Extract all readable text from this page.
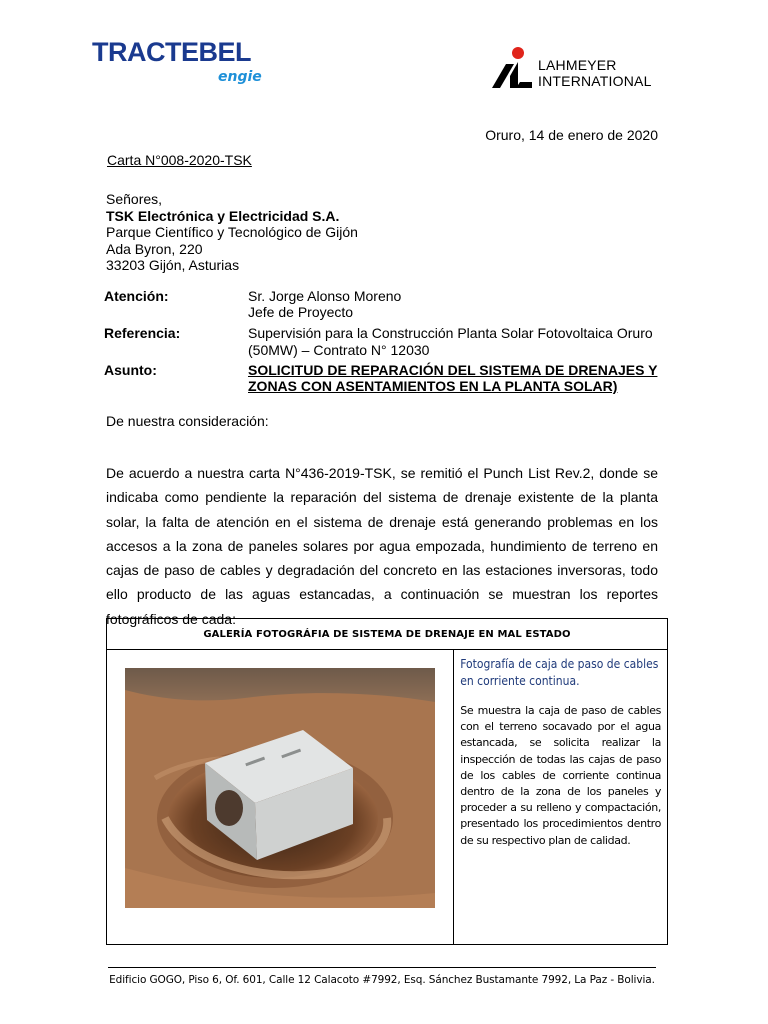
TRACTEBEL
engie
LAHMEYER
INTERNATIONAL
Oruro, 14 de enero de 2020
Carta N°008-2020-TSK
Señores,
TSK Electrónica y Electricidad S.A.
Parque Científico y Tecnológico de Gijón
Ada Byron, 220
33203 Gijón, Asturias
Atención:	Sr. Jorge Alonso Moreno
Jefe de Proyecto
Referencia:	Supervisión para la Construcción Planta Solar Fotovoltaica Oruro
(50MW) – Contrato N° 12030
Asunto:	SOLICITUD DE REPARACIÓN DEL SISTEMA DE DRENAJES Y
ZONAS CON ASENTAMIENTOS EN LA PLANTA SOLAR)
De nuestra consideración:
De acuerdo a nuestra carta N°436-2019-TSK, se remitió el Punch List Rev.2, donde se indicaba como pendiente la reparación del sistema de drenaje existente de la planta solar, la falta de atención en el sistema de drenaje está generando problemas en los accesos a la zona de paneles solares por agua empozada, hundimiento de terreno en cajas de paso de cables y degradación del concreto en las estaciones inversoras, todo ello producto de las aguas estancadas, a continuación se muestran los reportes fotográficos de cada:
GALERÍA FOTOGRÁFIA DE SISTEMA DE DRENAJE EN MAL ESTADO

Fotografía de caja de paso de cables en corriente continua.
Se muestra la caja de paso de cables con el terreno socavado por el agua estancada, se solicita realizar la inspección de todas las cajas de paso de los cables de corriente continua dentro de la zona de los paneles y proceder a su relleno y compactación, presentado los procedimientos dentro de su respectivo plan de calidad.
Edificio GOGO, Piso 6, Of. 601, Calle 12 Calacoto #7992, Esq. Sánchez Bustamante 7992, La Paz - Bolivia.
